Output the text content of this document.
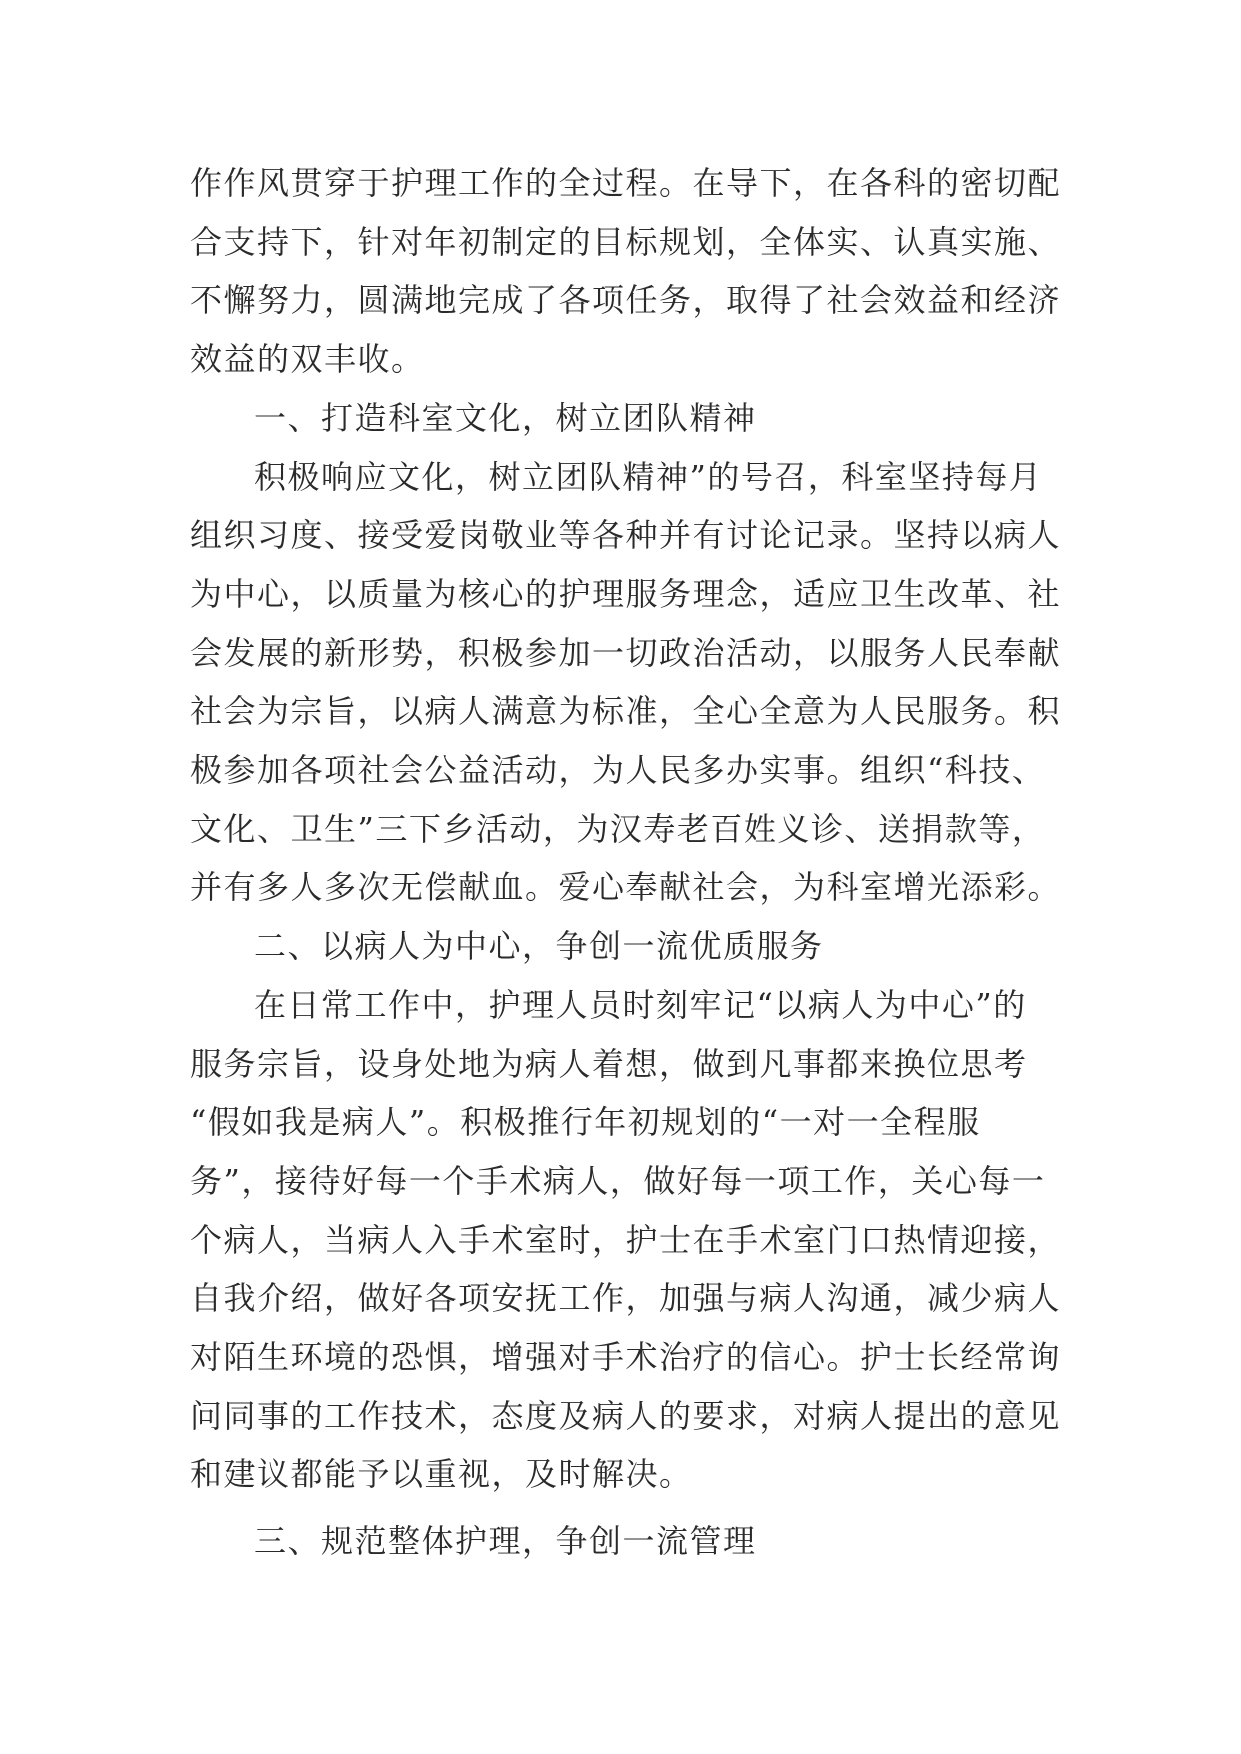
作作风贯穿于护理工作的全过程。在导下，在各科的密切配
合支持下，针对年初制定的目标规划，全体实、认真实施、
不懈努力，圆满地完成了各项任务，取得了社会效益和经济
效益的双丰收。
一、打造科室文化，树立团队精神
积极响应文化，树立团队精神”的号召，科室坚持每月
组织习度、接受爱岗敬业等各种并有讨论记录。坚持以病人
为中心，以质量为核心的护理服务理念，适应卫生改革、社
会发展的新形势，积极参加一切政治活动，以服务人民奉献
社会为宗旨，以病人满意为标准，全心全意为人民服务。积
极参加各项社会公益活动，为人民多办实事。组织“科技、
文化、卫生”三下乡活动，为汉寿老百姓义诊、送捐款等，
并有多人多次无偿献血。爱心奉献社会，为科室增光添彩。
二、以病人为中心，争创一流优质服务
在日常工作中，护理人员时刻牢记“以病人为中心”的
服务宗旨，设身处地为病人着想，做到凡事都来换位思考
“假如我是病人”。积极推行年初规划的“一对一全程服
务”，接待好每一个手术病人，做好每一项工作，关心每一
个病人，当病人入手术室时，护士在手术室门口热情迎接，
自我介绍，做好各项安抚工作，加强与病人沟通，减少病人
对陌生环境的恐惧，增强对手术治疗的信心。护士长经常询
问同事的工作技术，态度及病人的要求，对病人提出的意见
和建议都能予以重视，及时解决。
三、规范整体护理，争创一流管理
